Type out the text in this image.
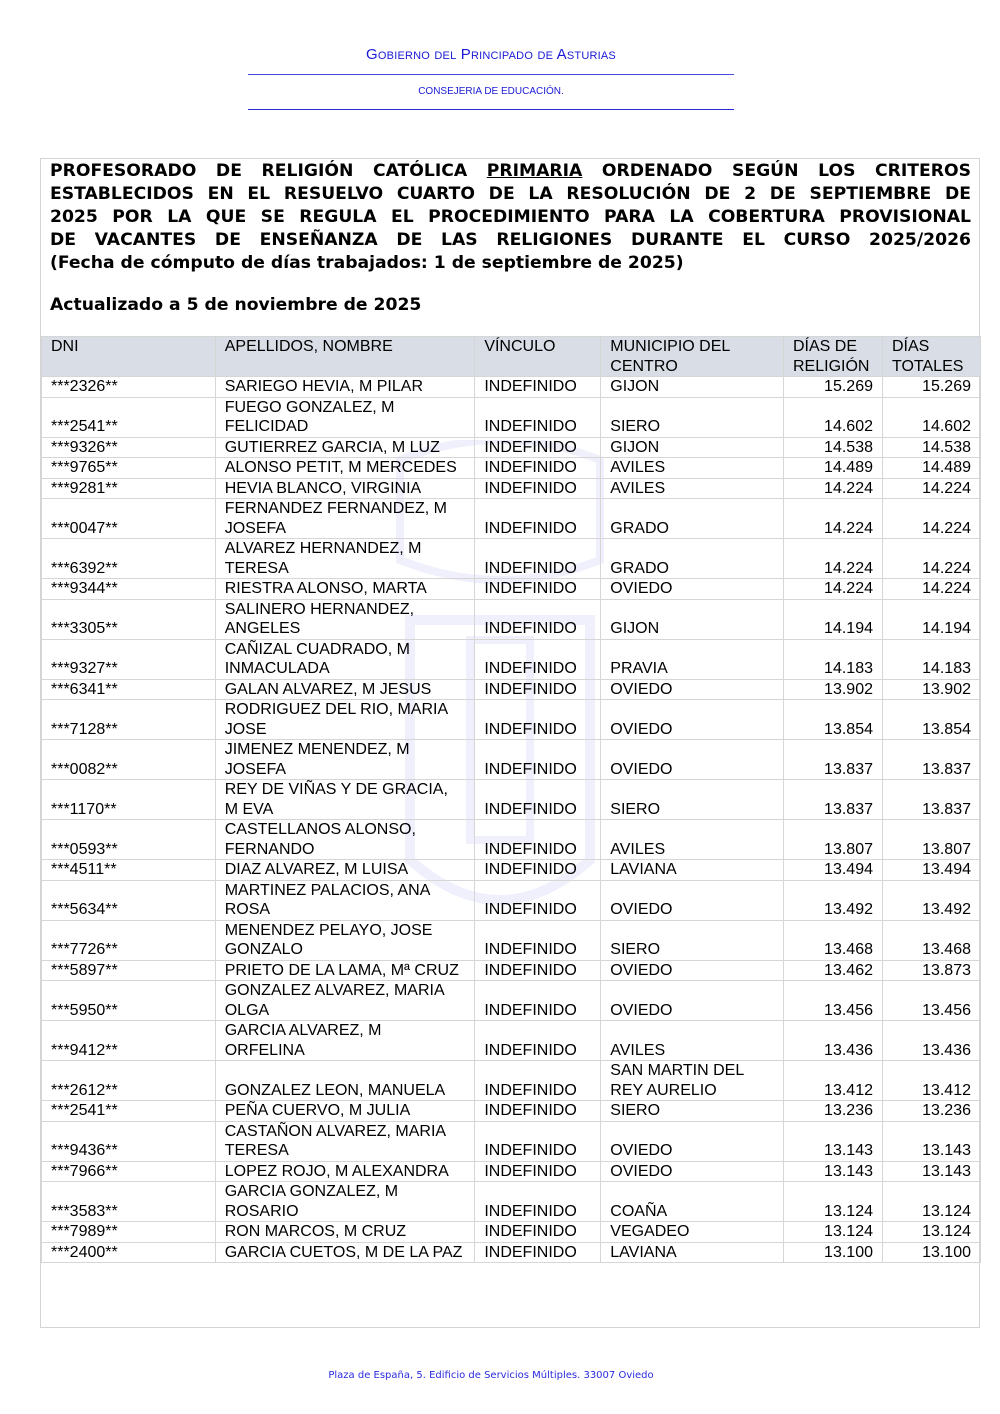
Gobierno del Principado de Asturias
CONSEJERIA DE EDUCACIÓN.
PROFESORADO DE RELIGIÓN CATÓLICA PRIMARIA ORDENADO SEGÚN LOS CRITEROS
ESTABLECIDOS EN EL RESUELVO CUARTO DE LA RESOLUCIÓN DE 2 DE SEPTIEMBRE DE
2025 POR LA QUE SE REGULA EL PROCEDIMIENTO PARA LA COBERTURA PROVISIONAL
DE VACANTES DE ENSEÑANZA DE LAS RELIGIONES DURANTE EL CURSO 2025/2026
(Fecha de cómputo de días trabajados: 1 de septiembre de 2025)
Actualizado a 5 de noviembre de 2025
DNI	APELLIDOS, NOMBRE	VÍNCULO	MUNICIPIO DEL CENTRO	DÍAS DE RELIGIÓN	DÍAS TOTALES
***2326**	SARIEGO HEVIA, M PILAR	INDEFINIDO	GIJON	15.269	15.269
***2541**	FUEGO GONZALEZ, M FELICIDAD	INDEFINIDO	SIERO	14.602	14.602
***9326**	GUTIERREZ GARCIA, M LUZ	INDEFINIDO	GIJON	14.538	14.538
***9765**	ALONSO PETIT, M MERCEDES	INDEFINIDO	AVILES	14.489	14.489
***9281**	HEVIA BLANCO, VIRGINIA	INDEFINIDO	AVILES	14.224	14.224
***0047**	FERNANDEZ FERNANDEZ, M JOSEFA	INDEFINIDO	GRADO	14.224	14.224
***6392**	ALVAREZ HERNANDEZ, M TERESA	INDEFINIDO	GRADO	14.224	14.224
***9344**	RIESTRA ALONSO, MARTA	INDEFINIDO	OVIEDO	14.224	14.224
***3305**	SALINERO HERNANDEZ, ANGELES	INDEFINIDO	GIJON	14.194	14.194
***9327**	CAÑIZAL CUADRADO, M INMACULADA	INDEFINIDO	PRAVIA	14.183	14.183
***6341**	GALAN ALVAREZ, M JESUS	INDEFINIDO	OVIEDO	13.902	13.902
***7128**	RODRIGUEZ DEL RIO, MARIA JOSE	INDEFINIDO	OVIEDO	13.854	13.854
***0082**	JIMENEZ MENENDEZ, M JOSEFA	INDEFINIDO	OVIEDO	13.837	13.837
***1170**	REY DE VIÑAS Y DE GRACIA, M EVA	INDEFINIDO	SIERO	13.837	13.837
***0593**	CASTELLANOS ALONSO, FERNANDO	INDEFINIDO	AVILES	13.807	13.807
***4511**	DIAZ ALVAREZ, M LUISA	INDEFINIDO	LAVIANA	13.494	13.494
***5634**	MARTINEZ PALACIOS, ANA ROSA	INDEFINIDO	OVIEDO	13.492	13.492
***7726**	MENENDEZ PELAYO, JOSE GONZALO	INDEFINIDO	SIERO	13.468	13.468
***5897**	PRIETO DE LA LAMA, Mª CRUZ	INDEFINIDO	OVIEDO	13.462	13.873
***5950**	GONZALEZ ALVAREZ, MARIA OLGA	INDEFINIDO	OVIEDO	13.456	13.456
***9412**	GARCIA ALVAREZ, M ORFELINA	INDEFINIDO	AVILES	13.436	13.436
***2612**	GONZALEZ LEON, MANUELA	INDEFINIDO	SAN MARTIN DEL REY AURELIO	13.412	13.412
***2541**	PEÑA CUERVO, M JULIA	INDEFINIDO	SIERO	13.236	13.236
***9436**	CASTAÑON ALVAREZ, MARIA TERESA	INDEFINIDO	OVIEDO	13.143	13.143
***7966**	LOPEZ ROJO, M ALEXANDRA	INDEFINIDO	OVIEDO	13.143	13.143
***3583**	GARCIA GONZALEZ, M ROSARIO	INDEFINIDO	COAÑA	13.124	13.124
***7989**	RON MARCOS, M CRUZ	INDEFINIDO	VEGADEO	13.124	13.124
***2400**	GARCIA CUETOS, M DE LA PAZ	INDEFINIDO	LAVIANA	13.100	13.100
Plaza de España, 5. Edificio de Servicios Múltiples. 33007 Oviedo
